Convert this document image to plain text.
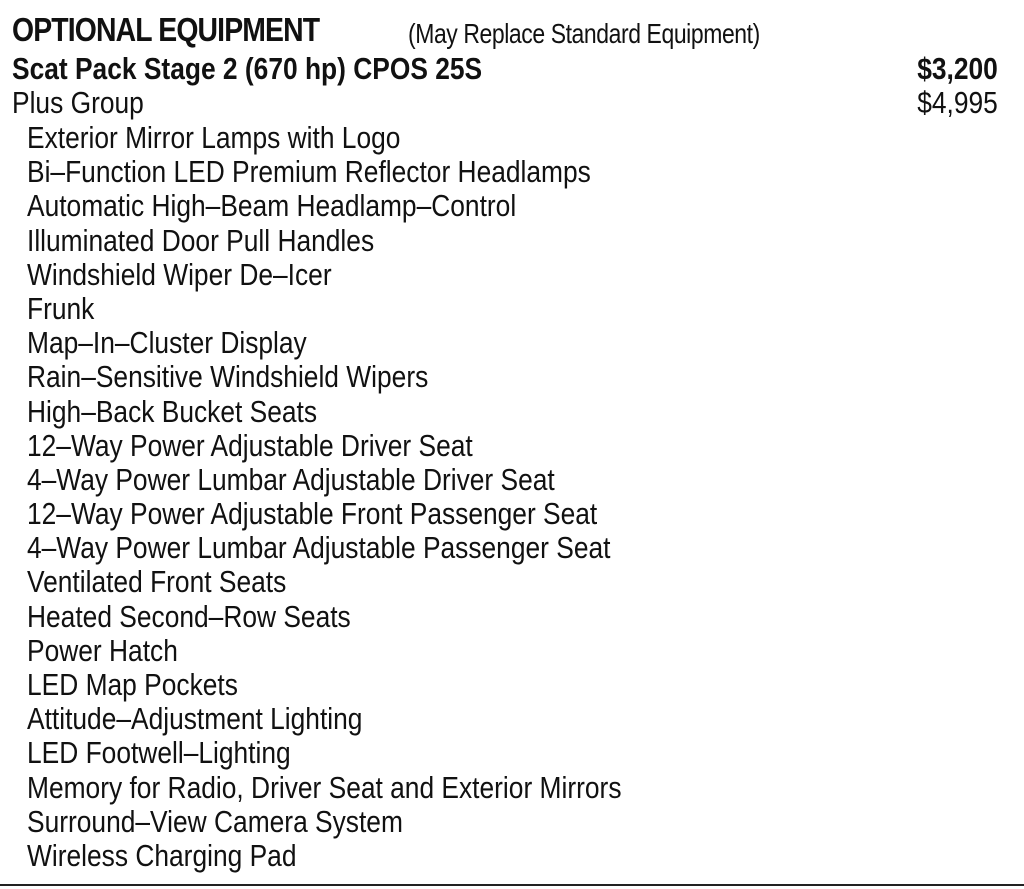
OPTIONAL EQUIPMENT	(May Replace Standard Equipment)
Scat Pack Stage 2 (670 hp) CPOS 25S	$3,200
Plus Group	$4,995
Exterior Mirror Lamps with Logo
Bi–Function LED Premium Reflector Headlamps
Automatic High–Beam Headlamp–Control
Illuminated Door Pull Handles
Windshield Wiper De–Icer
Frunk
Map–In–Cluster Display
Rain–Sensitive Windshield Wipers
High–Back Bucket Seats
12–Way Power Adjustable Driver Seat
4–Way Power Lumbar Adjustable Driver Seat
12–Way Power Adjustable Front Passenger Seat
4–Way Power Lumbar Adjustable Passenger Seat
Ventilated Front Seats
Heated Second–Row Seats
Power Hatch
LED Map Pockets
Attitude–Adjustment Lighting
LED Footwell–Lighting
Memory for Radio, Driver Seat and Exterior Mirrors
Surround–View Camera System
Wireless Charging Pad
